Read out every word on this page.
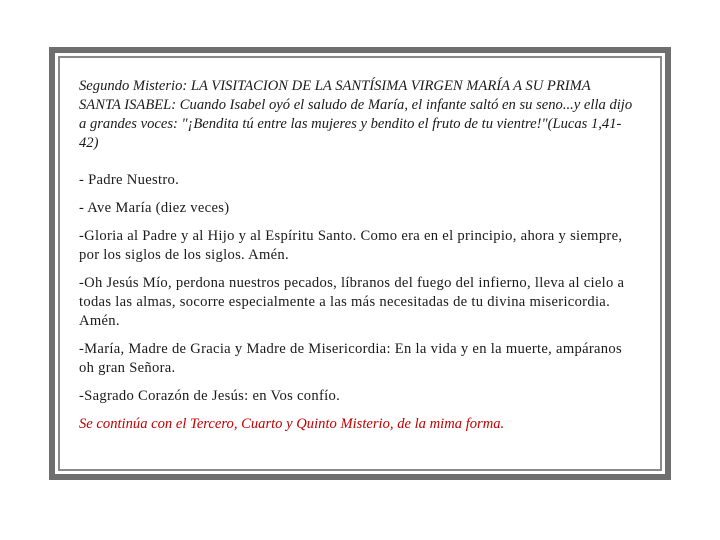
Segundo Misterio: LA VISITACION DE LA SANTÍSIMA VIRGEN MARÍA A SU PRIMA SANTA ISABEL: Cuando Isabel oyó el saludo de María, el infante saltó en su seno...y ella dijo a grandes voces: "¡Bendita tú entre las mujeres y bendito el fruto de tu vientre!"(Lucas 1,41-42)

- Padre Nuestro.

- Ave María (diez veces)

-Gloria al Padre y al Hijo y al Espíritu Santo. Como era en el principio, ahora y siempre, por los siglos de los siglos. Amén.

-Oh Jesús Mío, perdona nuestros pecados, líbranos del fuego del infierno, lleva al cielo a todas las almas, socorre especialmente a las más necesitadas de tu divina misericordia. Amén.

-María, Madre de Gracia y Madre de Misericordia: En la vida y en la muerte, ampáranos oh gran Señora.

-Sagrado Corazón de Jesús: en Vos confío.

Se continúa con el Tercero, Cuarto y Quinto Misterio, de la mima forma.
